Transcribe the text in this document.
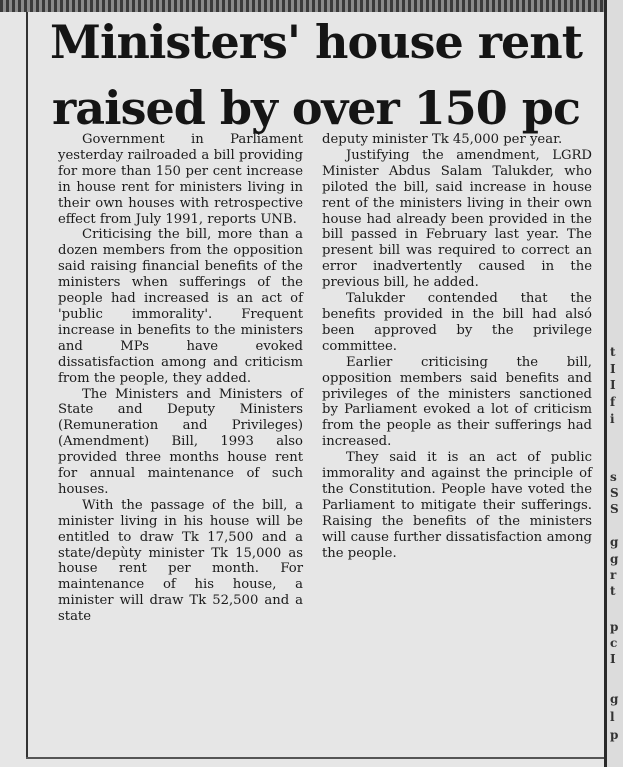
Ministers' house rent
raised by over 150 pc

Government in Parliament yesterday railroaded a bill providing for more than 150 per cent increase in house rent for ministers living in their own houses with retrospective effect from July 1991, reports UNB.

Criticising the bill, more than a dozen members from the opposition said raising financial benefits of the ministers when sufferings of the people had increased is an act of 'public immorality'. Frequent increase in benefits to the ministers and MPs have evoked dissatisfaction among and criticism from the people, they added.

The Ministers and Ministers of State and Deputy Ministers (Remuneration and Privileges) (Amendment) Bill, 1993 also provided three months house rent for annual maintenance of such houses.

With the passage of the bill, a minister living in his house will be entitled to draw Tk 17,500 and a state/depùty minister Tk 15,000 as house rent per month. For maintenance of his house, a minister will draw Tk 52,500 and a state

deputy minister Tk 45,000 per year.

Justifying the amendment, LGRD Minister Abdus Salam Talukder, who piloted the bill, said increase in house rent of the ministers living in their own house had already been provided in the bill passed in February last year. The present bill was required to correct an error inadvertently caused in the previous bill, he added.

Talukder contended that the benefits provided in the bill had alsó been approved by the privilege committee.

Earlier criticising the bill, opposition members said benefits and privileges of the ministers sanctioned by Parliament evoked a lot of criticism from the people as their sufferings had increased.

They said it is an act of public immorality and against the principle of the Constitution. People have voted the Parliament to mitigate their sufferings. Raising the benefits of the ministers will cause further dissatisfaction among the people.

t
I
I
f
i
s
S
S
g
g
r
t
p
c
I
g
l
p
